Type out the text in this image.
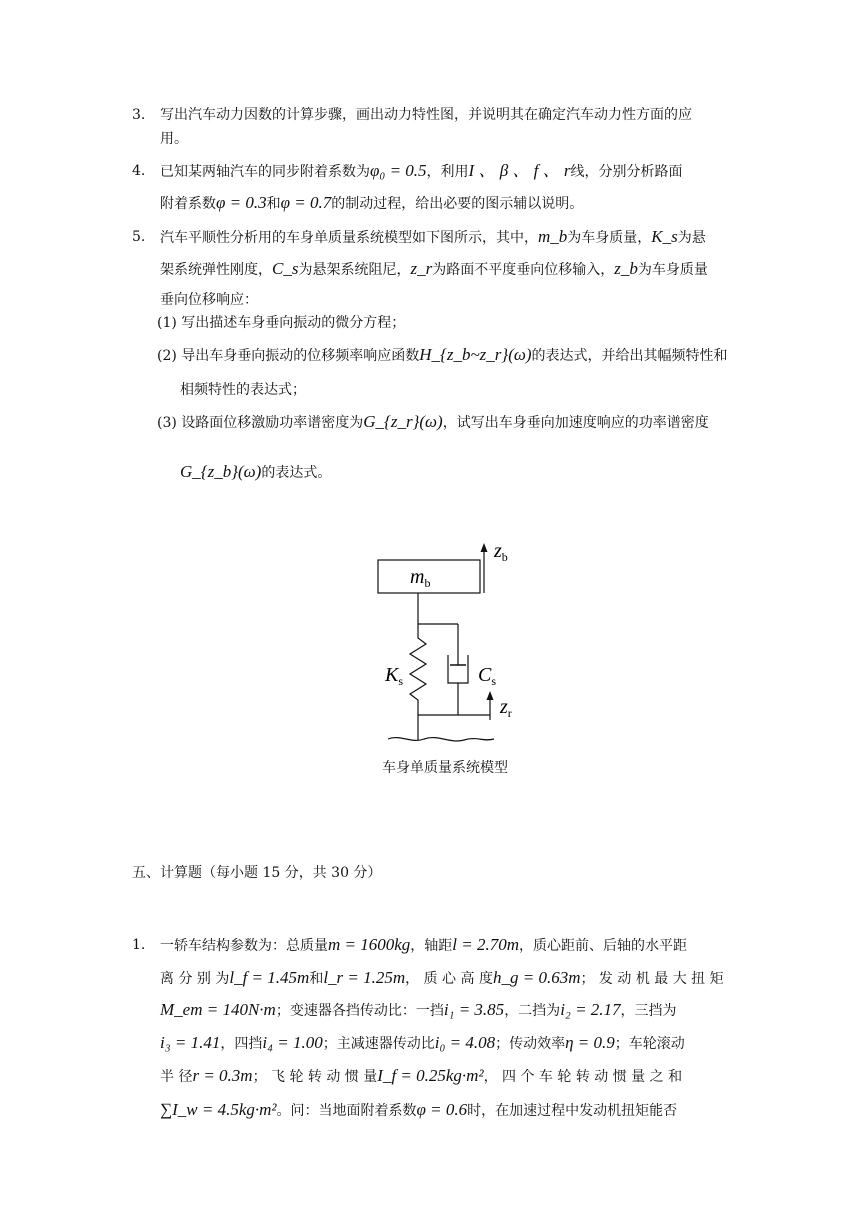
3.	写出汽车动力因数的计算步骤，画出动力特性图，并说明其在确定汽车动力性方面的应
用。
4.	已知某两轴汽车的同步附着系数为φ₀ = 0.5，利用I 、 β 、 f 、 r线，分别分析路面
附着系数φ = 0.3和φ = 0.7的制动过程，给出必要的图示辅以说明。
5.	汽车平顺性分析用的车身单质量系统模型如下图所示，其中，m_b为车身质量，K_s为悬
架系统弹性刚度，C_s为悬架系统阻尼，z_r为路面不平度垂向位移输入，z_b为车身质量
垂向位移响应：
(1) 写出描述车身垂向振动的微分方程；
(2) 导出车身垂向振动的位移频率响应函数H_{z_b~z_r}(ω)的表达式，并给出其幅频特性和
相频特性的表达式；
(3) 设路面位移激励功率谱密度为G_{z_r}(ω)，试写出车身垂向加速度响应的功率谱密度
G_{z_b}(ω)的表达式。
$m_b$
$z_b$
$K_s$	$C_s$
$z_r$
车身单质量系统模型
五、计算题（每小题 15 分，共 30 分）
1.	一轿车结构参数为：总质量m = 1600kg，轴距l = 2.70m，质心距前、后轴的水平距
离 分 别 为l_f = 1.45m和l_r = 1.25m， 质 心 高 度h_g = 0.63m； 发 动 机 最 大 扭 矩
M_em = 140N·m；变速器各挡传动比：一挡i₁ = 3.85，二挡为i₂ = 2.17，三挡为
i₃ = 1.41，四挡i₄ = 1.00；主减速器传动比i₀ = 4.08；传动效率η = 0.9；车轮滚动
半 径r = 0.3m； 飞 轮 转 动 惯 量I_f = 0.25kg·m²， 四 个 车 轮 转 动 惯 量 之 和
∑I_w = 4.5kg·m²。问：当地面附着系数φ = 0.6时，在加速过程中发动机扭矩能否
